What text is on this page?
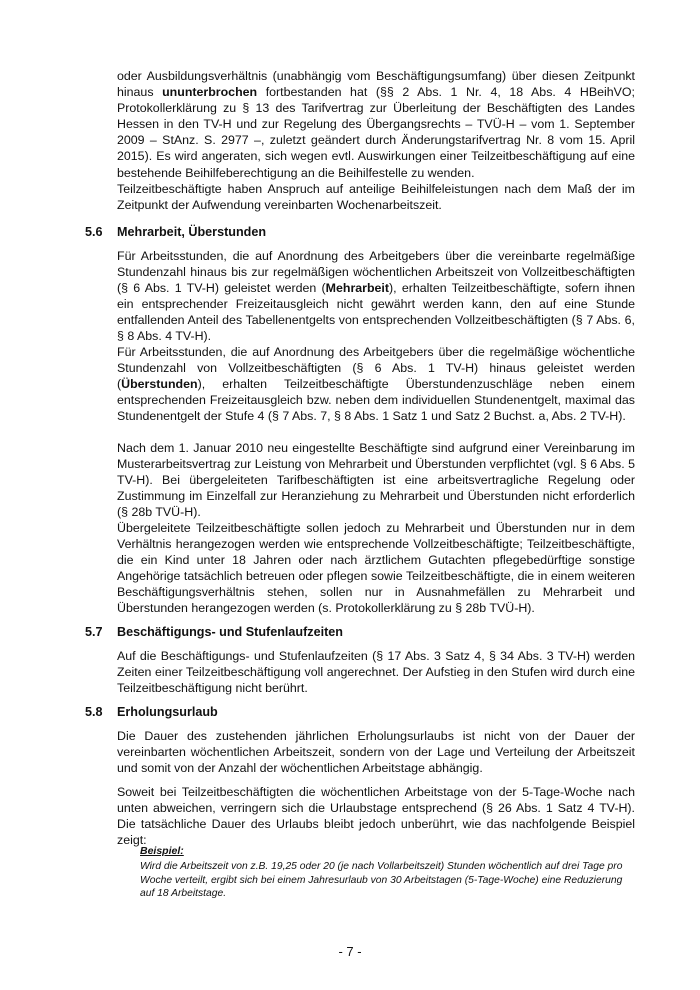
oder Ausbildungsverhältnis (unabhängig vom Beschäftigungsumfang) über diesen Zeitpunkt hinaus ununterbrochen fortbestanden hat (§§ 2 Abs. 1 Nr. 4, 18 Abs. 4 HBeihVO; Protokollerklärung zu § 13 des Tarifvertrag zur Überleitung der Beschäftigten des Landes Hessen in den TV-H und zur Regelung des Übergangsrechts – TVÜ-H – vom 1. September 2009 – StAnz. S. 2977 –, zuletzt geändert durch Änderungstarifvertrag Nr. 8 vom 15. April 2015). Es wird angeraten, sich wegen evtl. Auswirkungen einer Teilzeitbeschäftigung auf eine bestehende Beihilfeberechtigung an die Beihilfestelle zu wenden.

Teilzeitbeschäftigte haben Anspruch auf anteilige Beihilfeleistungen nach dem Maß der im Zeitpunkt der Aufwendung vereinbarten Wochenarbeitszeit.

5.6 Mehrarbeit, Überstunden

Für Arbeitsstunden, die auf Anordnung des Arbeitgebers über die vereinbarte regelmäßige Stundenzahl hinaus bis zur regelmäßigen wöchentlichen Arbeitszeit von Vollzeitbeschäftigten (§ 6 Abs. 1 TV-H) geleistet werden (Mehrarbeit), erhalten Teilzeitbeschäftigte, sofern ihnen ein entsprechender Freizeitausgleich nicht gewährt werden kann, den auf eine Stunde entfallenden Anteil des Tabellenentgelts von entsprechenden Vollzeitbeschäftigten (§ 7 Abs. 6, § 8 Abs. 4 TV-H).

Für Arbeitsstunden, die auf Anordnung des Arbeitgebers über die regelmäßige wöchentliche Stundenzahl von Vollzeitbeschäftigten (§ 6 Abs. 1 TV-H) hinaus geleistet werden (Überstunden), erhalten Teilzeitbeschäftigte Überstundenzuschläge neben einem entsprechenden Freizeitausgleich bzw. neben dem individuellen Stundenentgelt, maximal das Stundenentgelt der Stufe 4 (§ 7 Abs. 7, § 8 Abs. 1 Satz 1 und Satz 2 Buchst. a, Abs. 2 TV-H).

Nach dem 1. Januar 2010 neu eingestellte Beschäftigte sind aufgrund einer Vereinbarung im Musterarbeitsvertrag zur Leistung von Mehrarbeit und Überstunden verpflichtet (vgl. § 6 Abs. 5 TV-H). Bei übergeleiteten Tarifbeschäftigten ist eine arbeitsvertragliche Regelung oder Zustimmung im Einzelfall zur Heranziehung zu Mehrarbeit und Überstunden nicht erforderlich (§ 28b TVÜ-H).

Übergeleitete Teilzeitbeschäftigte sollen jedoch zu Mehrarbeit und Überstunden nur in dem Verhältnis herangezogen werden wie entsprechende Vollzeitbeschäftigte; Teilzeitbeschäftigte, die ein Kind unter 18 Jahren oder nach ärztlichem Gutachten pflegebedürftige sonstige Angehörige tatsächlich betreuen oder pflegen sowie Teilzeitbeschäftigte, die in einem weiteren Beschäftigungsverhältnis stehen, sollen nur in Ausnahmefällen zu Mehrarbeit und Überstunden herangezogen werden (s. Protokollerklärung zu § 28b TVÜ-H).

5.7 Beschäftigungs- und Stufenlaufzeiten

Auf die Beschäftigungs- und Stufenlaufzeiten (§ 17 Abs. 3 Satz 4, § 34 Abs. 3 TV-H) werden Zeiten einer Teilzeitbeschäftigung voll angerechnet. Der Aufstieg in den Stufen wird durch eine Teilzeitbeschäftigung nicht berührt.

5.8 Erholungsurlaub

Die Dauer des zustehenden jährlichen Erholungsurlaubs ist nicht von der Dauer der vereinbarten wöchentlichen Arbeitszeit, sondern von der Lage und Verteilung der Arbeitszeit und somit von der Anzahl der wöchentlichen Arbeitstage abhängig.

Soweit bei Teilzeitbeschäftigten die wöchentlichen Arbeitstage von der 5-Tage-Woche nach unten abweichen, verringern sich die Urlaubstage entsprechend (§ 26 Abs. 1 Satz 4 TV-H). Die tatsächliche Dauer des Urlaubs bleibt jedoch unberührt, wie das nachfolgende Beispiel zeigt:

Beispiel:

Wird die Arbeitszeit von z.B. 19,25 oder 20 (je nach Vollarbeitszeit) Stunden wöchentlich auf drei Tage pro Woche verteilt, ergibt sich bei einem Jahresurlaub von 30 Arbeitstagen (5-Tage-Woche) eine Reduzierung auf 18 Arbeitstage.

- 7 -
